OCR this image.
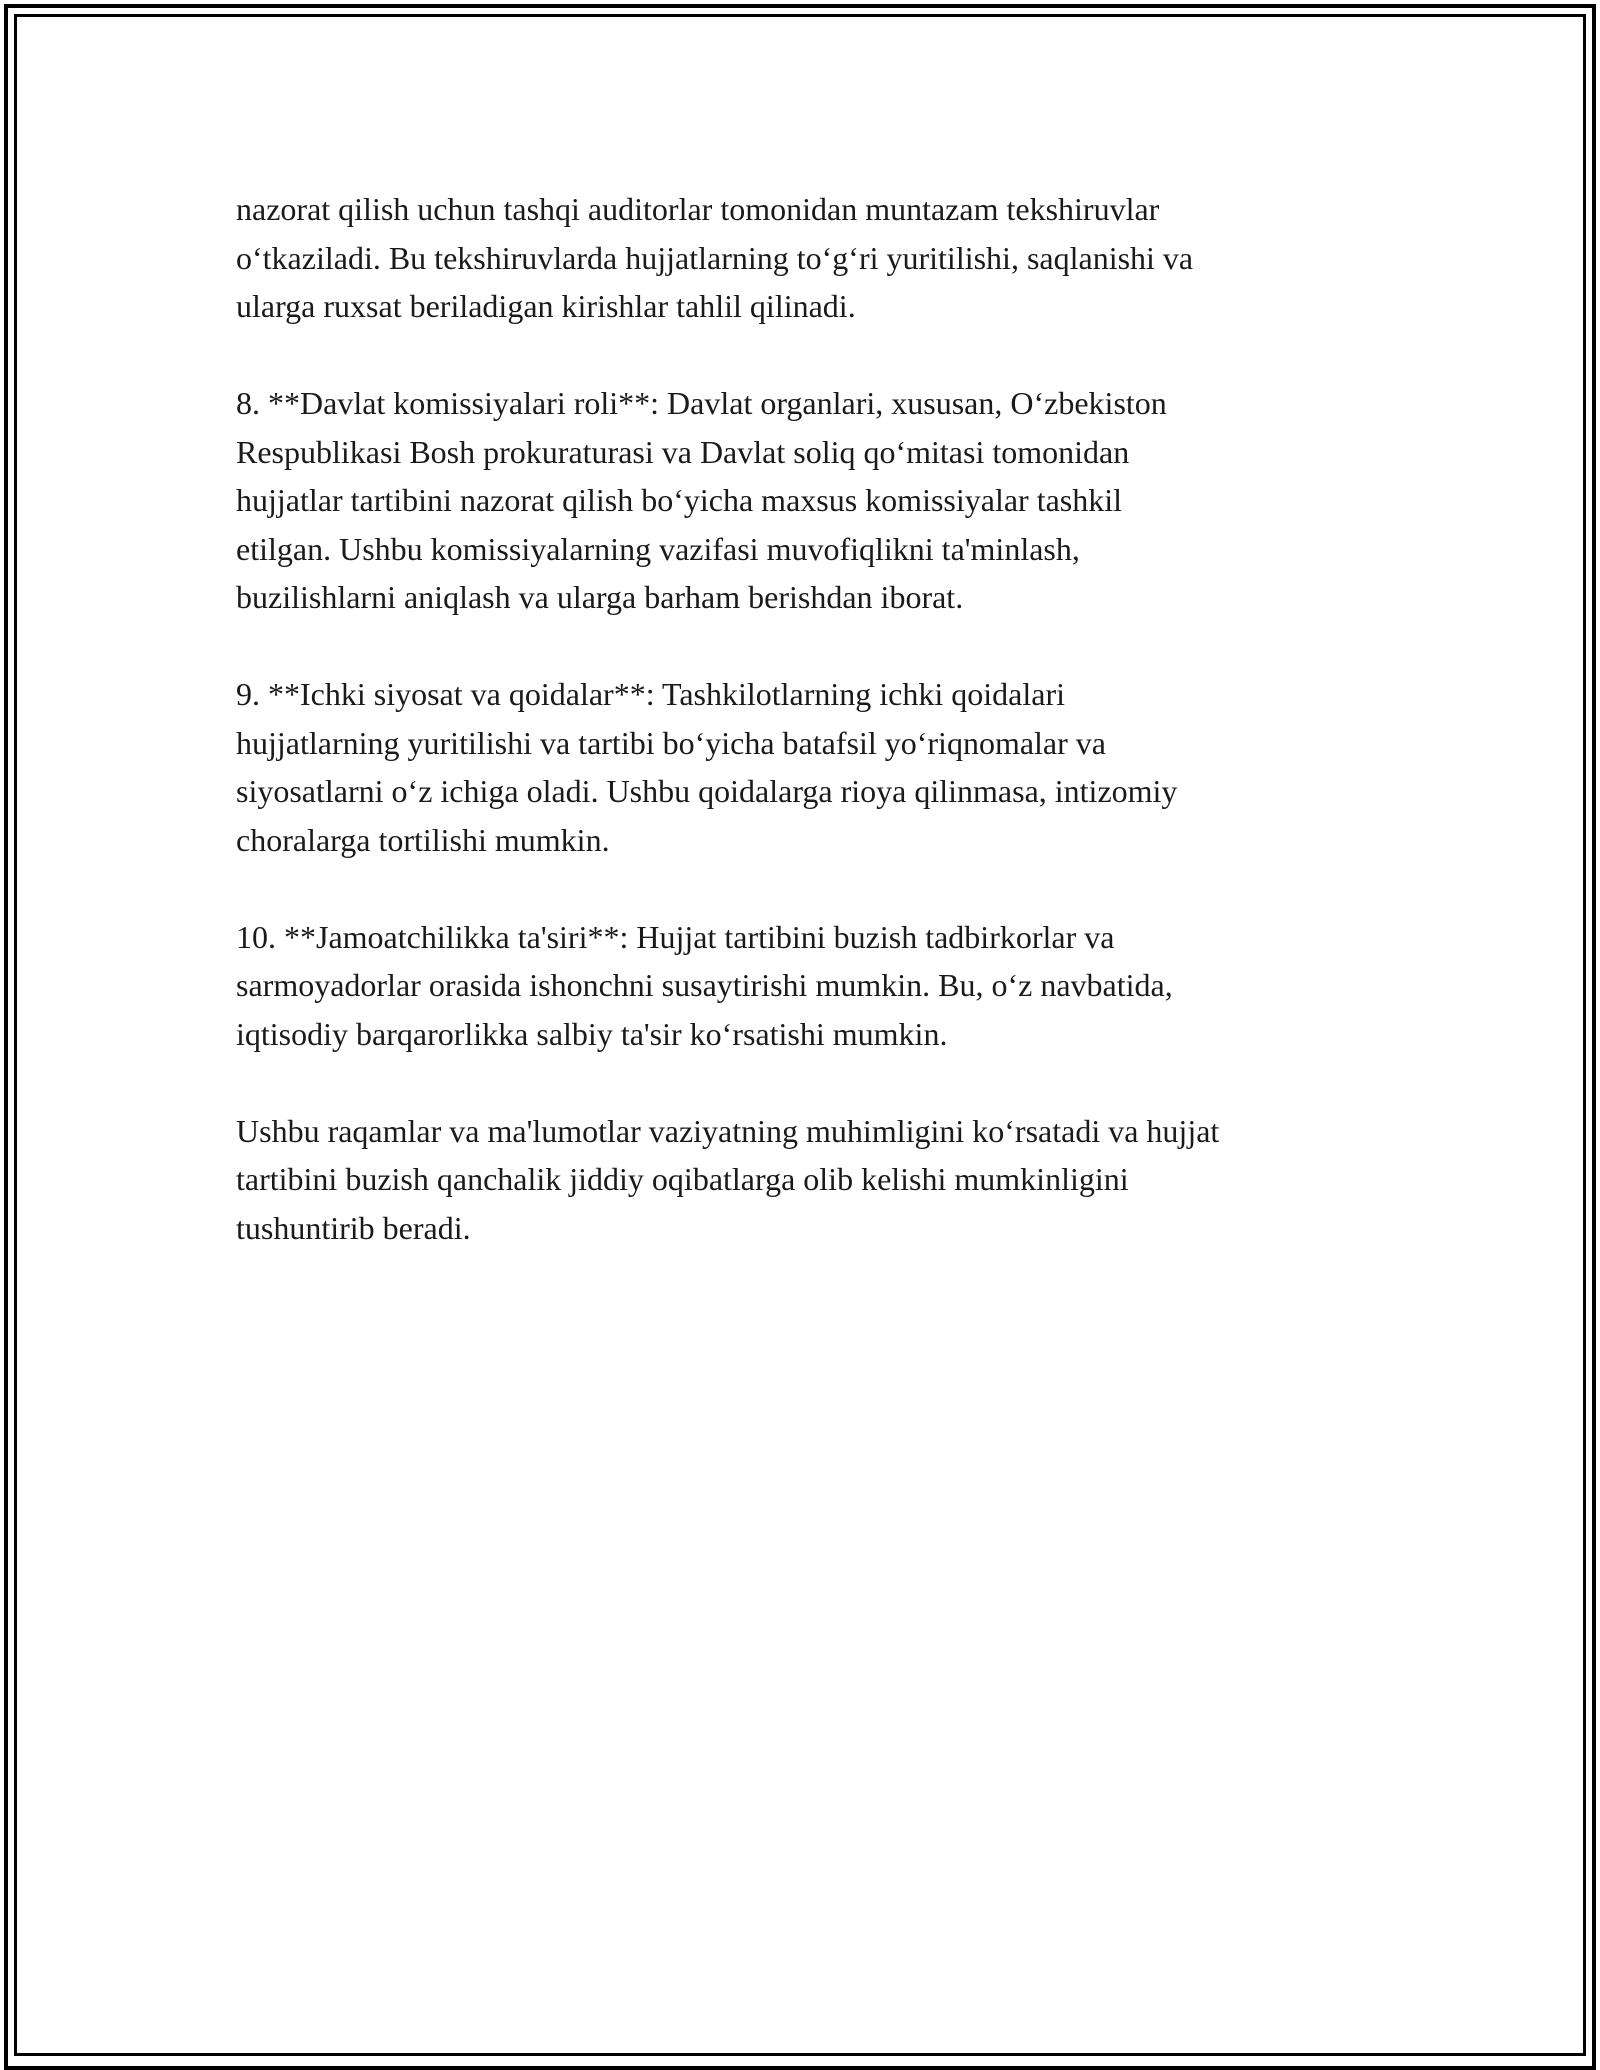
nazorat qilish uchun tashqi auditorlar tomonidan muntazam tekshiruvlar

o‘tkaziladi. Bu tekshiruvlarda hujjatlarning to‘g‘ri yuritilishi, saqlanishi va

ularga ruxsat beriladigan kirishlar tahlil qilinadi.

8. **Davlat komissiyalari roli**: Davlat organlari, xususan, O‘zbekiston

Respublikasi Bosh prokuraturasi va Davlat soliq qo‘mitasi tomonidan

hujjatlar tartibini nazorat qilish bo‘yicha maxsus komissiyalar tashkil

etilgan. Ushbu komissiyalarning vazifasi muvofiqlikni ta'minlash,

buzilishlarni aniqlash va ularga barham berishdan iborat.

9. **Ichki siyosat va qoidalar**: Tashkilotlarning ichki qoidalari

hujjatlarning yuritilishi va tartibi bo‘yicha batafsil yo‘riqnomalar va

siyosatlarni o‘z ichiga oladi. Ushbu qoidalarga rioya qilinmasa, intizomiy

choralarga tortilishi mumkin.

10. **Jamoatchilikka ta'siri**: Hujjat tartibini buzish tadbirkorlar va

sarmoyadorlar orasida ishonchni susaytirishi mumkin. Bu, o‘z navbatida,

iqtisodiy barqarorlikka salbiy ta'sir ko‘rsatishi mumkin.

Ushbu raqamlar va ma'lumotlar vaziyatning muhimligini ko‘rsatadi va hujjat

tartibini buzish qanchalik jiddiy oqibatlarga olib kelishi mumkinligini

tushuntirib beradi.
